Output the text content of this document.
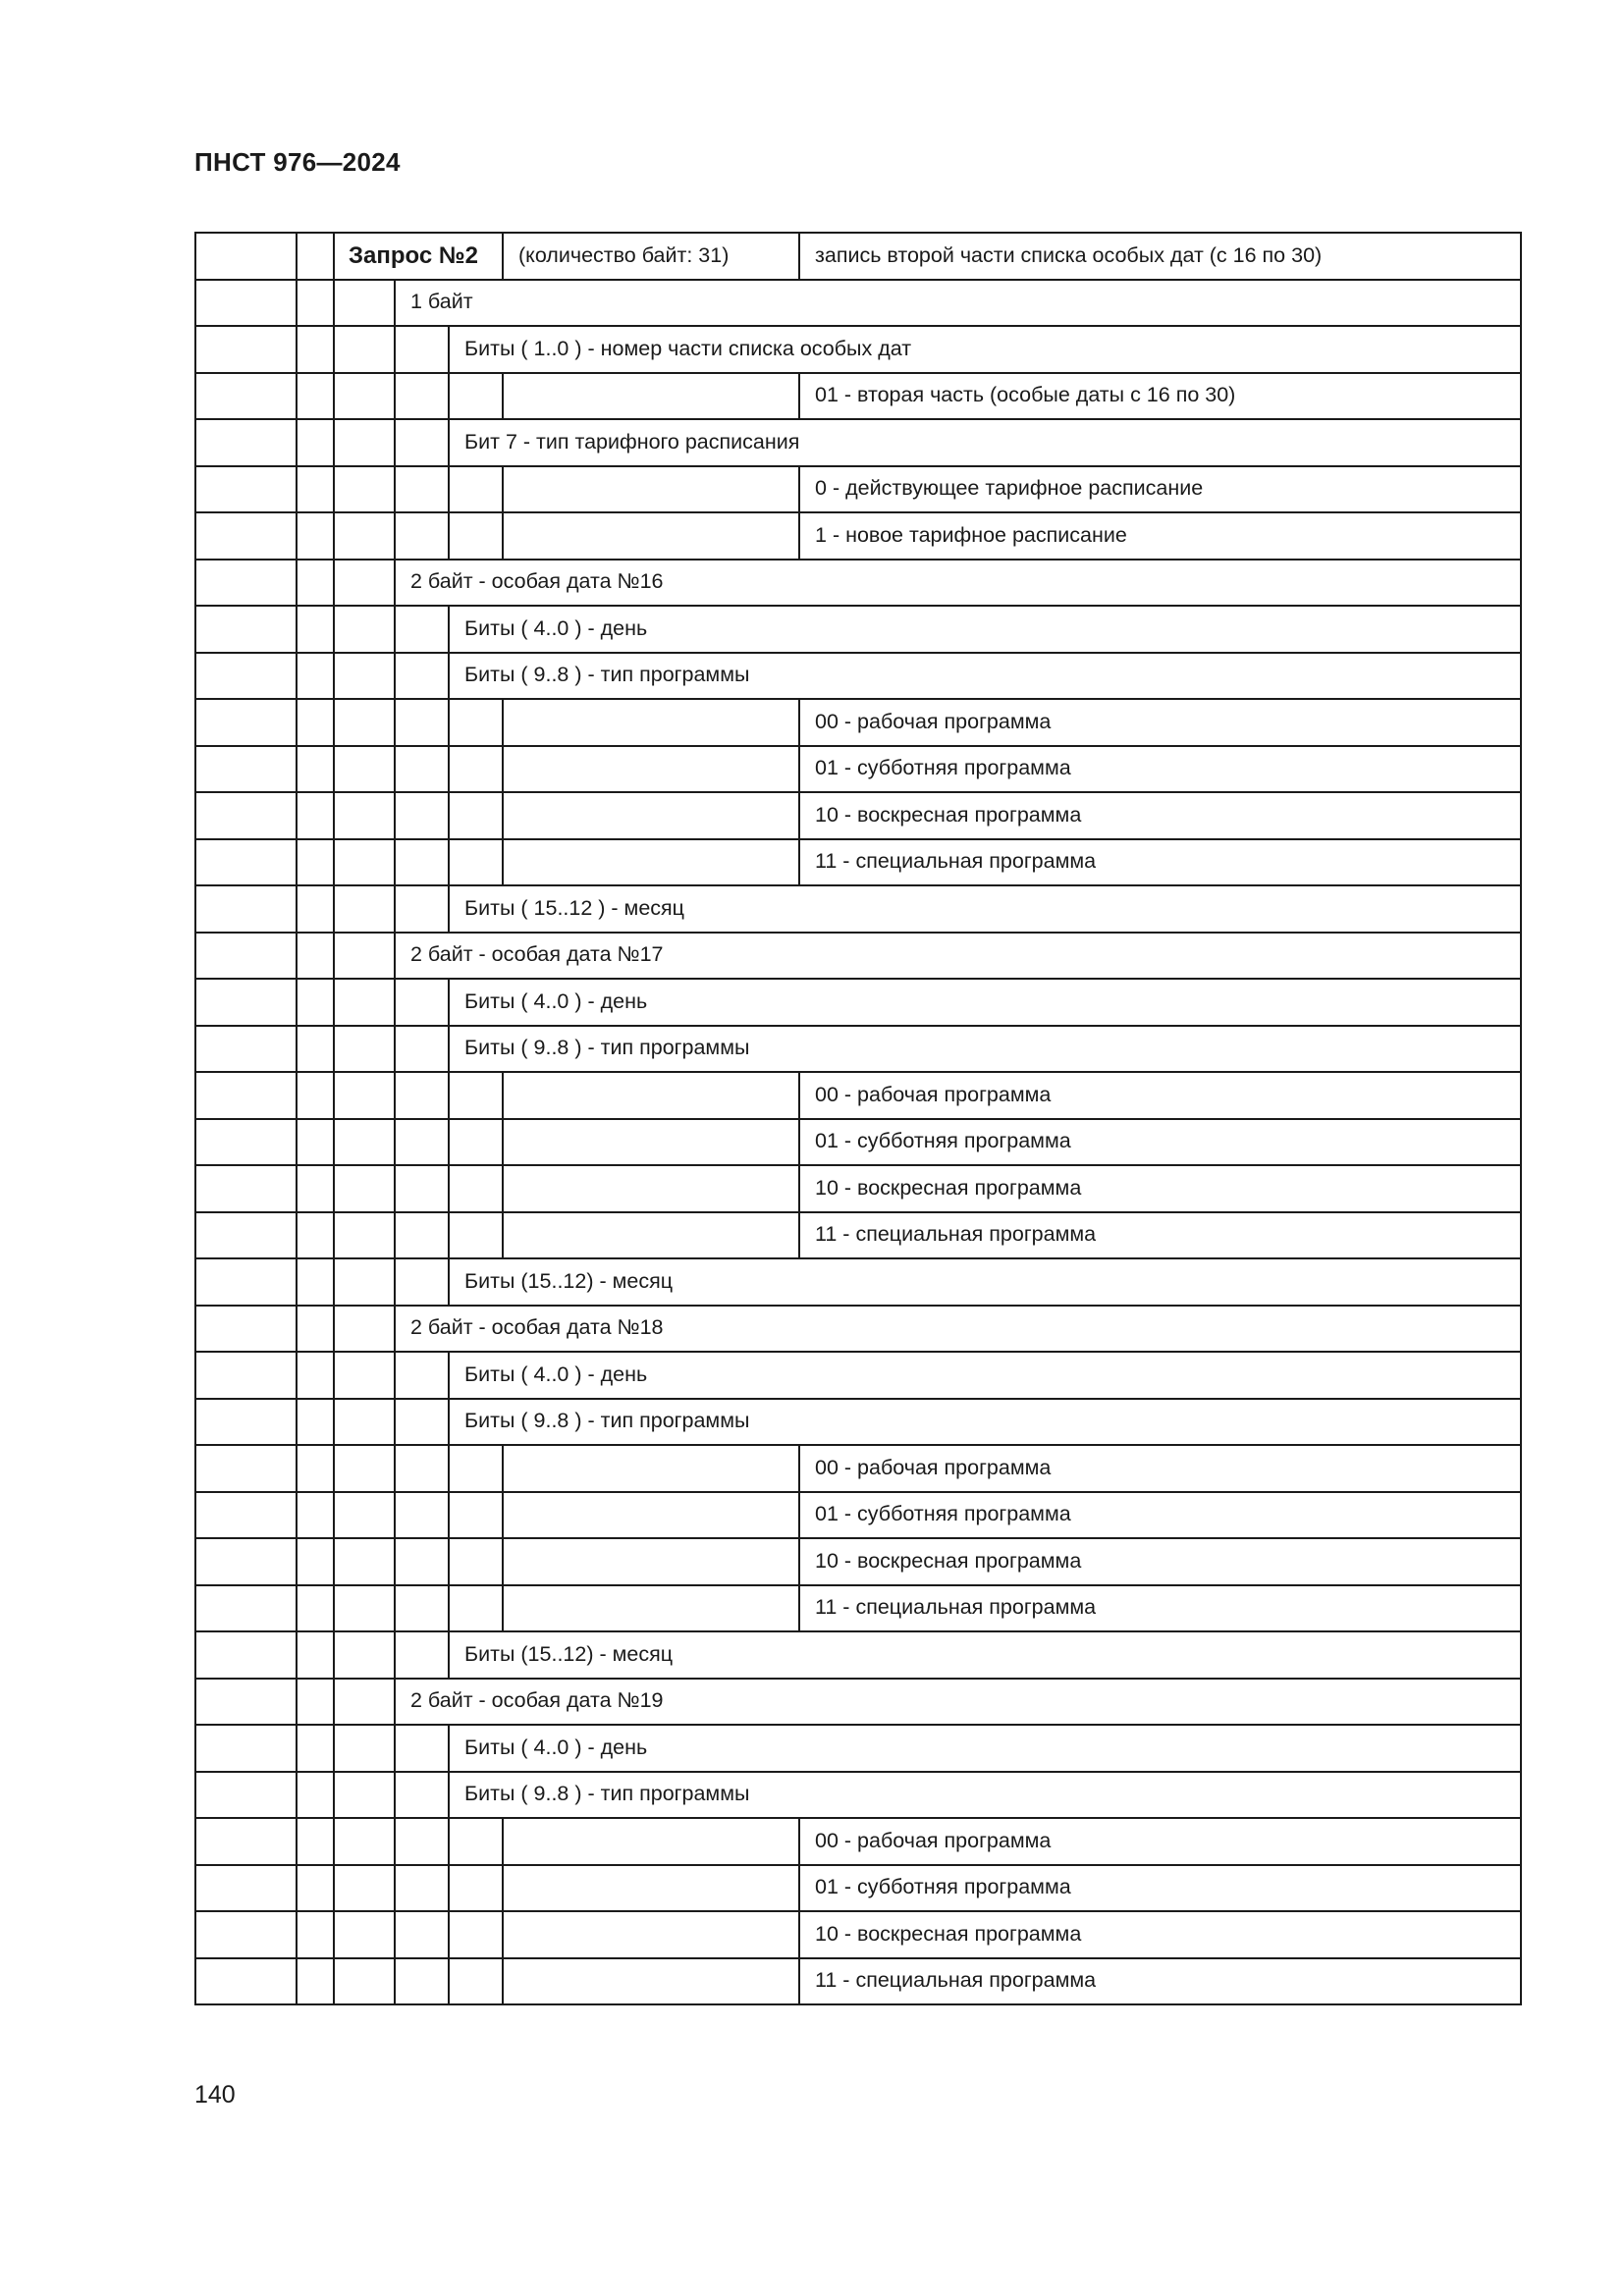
ПНСТ 976—2024
		Запрос №2			(количество байт: 31)	запись второй части списка особых дат (с 16 по 30)
			1 байт			
				Биты ( 1..0 ) - номер части списка особых дат		
						01 - вторая часть (особые даты с 16 по 30)
				Бит 7 - тип тарифного расписания		
						0 - действующее тарифное расписание
						1 - новое тарифное расписание
			2 байт - особая дата №16			
				Биты ( 4..0 ) - день		
				Биты ( 9..8 ) - тип программы		
						00 - рабочая программа
						01 - субботняя программа
						10 - воскресная программа
						11 - специальная программа
				Биты ( 15..12 ) - месяц		
			2 байт - особая дата №17			
				Биты ( 4..0 ) - день		
				Биты ( 9..8 ) - тип программы		
						00 - рабочая программа
						01 - субботняя программа
						10 - воскресная программа
						11 - специальная программа
				Биты (15..12) - месяц		
			2 байт - особая дата №18			
				Биты ( 4..0 ) - день		
				Биты ( 9..8 ) - тип программы		
						00 - рабочая программа
						01 - субботняя программа
						10 - воскресная программа
						11 - специальная программа
				Биты (15..12) - месяц		
			2 байт - особая дата №19			
				Биты ( 4..0 ) - день		
				Биты ( 9..8 ) - тип программы		
						00 - рабочая программа
						01 - субботняя программа
						10 - воскресная программа
						11 - специальная программа
140
